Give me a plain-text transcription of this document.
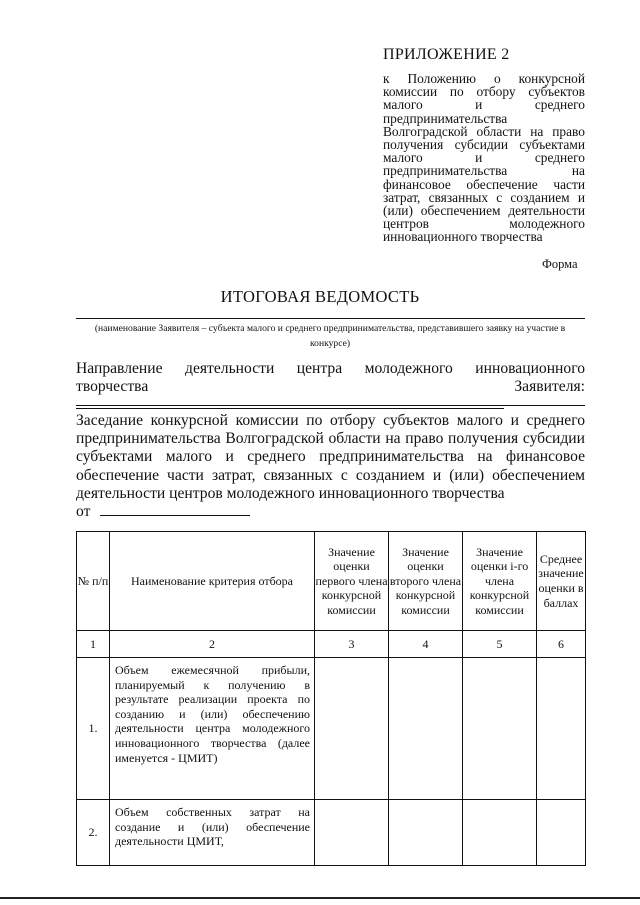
ПРИЛОЖЕНИЕ 2
к Положению о конкурсной комиссии по отбору субъектов малого и среднего предпринимательства Волгоградской области на право получения субсидии субъектами малого и среднего предпринимательства на финансовое обеспечение части затрат, связанных с созданием и (или) обеспечением деятельности центров молодежного инновационного творчества
Форма
ИТОГОВАЯ ВЕДОМОСТЬ
(наименование Заявителя – субъекта малого и среднего предпринимательства, представившего заявку на участие в конкурсе)
Направление деятельности центра молодежного инновационного творчества Заявителя:
Заседание конкурсной комиссии по отбору субъектов малого и среднего предпринимательства Волгоградской области на право получения субсидии субъектами малого и среднего предпринимательства на финансовое обеспечение части затрат, связанных с созданием и (или) обеспечением деятельности центров молодежного инновационного творчества
от
№ п/п	Наименование критерия отбора	Значение оценки первого члена конкурсной комиссии	Значение оценки второго члена конкурсной комиссии	Значение оценки i-го члена конкурсной комиссии	Среднее значение оценки в баллах
1	2	3	4	5	6
1.	Объем ежемесячной прибыли, планируемый к получению в результате реализации проекта по созданию и (или) обеспечению деятельности центра молодежного инновационного творчества (далее именуется - ЦМИТ)				
2.	Объем собственных затрат на создание и (или) обеспечение деятельности ЦМИТ,				
